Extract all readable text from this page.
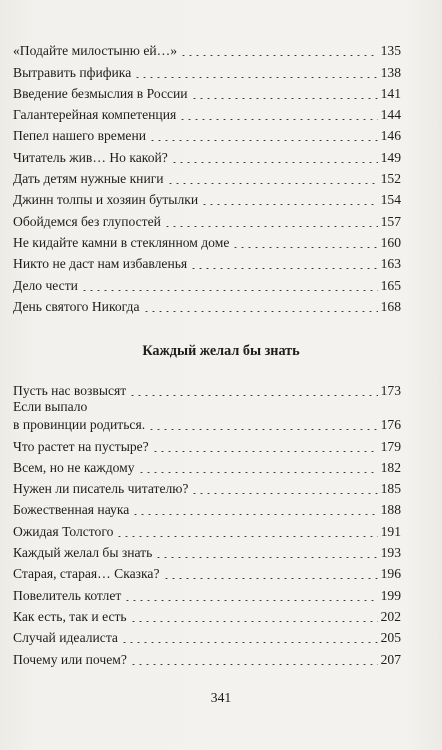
«Подайте милостыню ей…»	135
Вытравить пфифика	138
Введение безмыслия в России	141
Галантерейная компетенция	144
Пепел нашего времени	146
Читатель жив… Но какой?	149
Дать детям нужные книги	152
Джинн толпы и хозяин бутылки	154
Обойдемся без глупостей	157
Не кидайте камни в стеклянном доме	160
Никто не даст нам избавленья	163
Дело чести	165
День святого Никогда	168
Каждый желал бы знать
Пусть нас возвысят	173
Если выпало
в провинции родиться.	176
Что растет на пустыре?	179
Всем, но не каждому	182
Нужен ли писатель читателю?	185
Божественная наука	188
Ожидая Толстого	191
Каждый желал бы знать	193
Старая, старая… Сказка?	196
Повелитель котлет	199
Как есть, так и есть	202
Случай идеалиста	205
Почему или почем?	207
341
